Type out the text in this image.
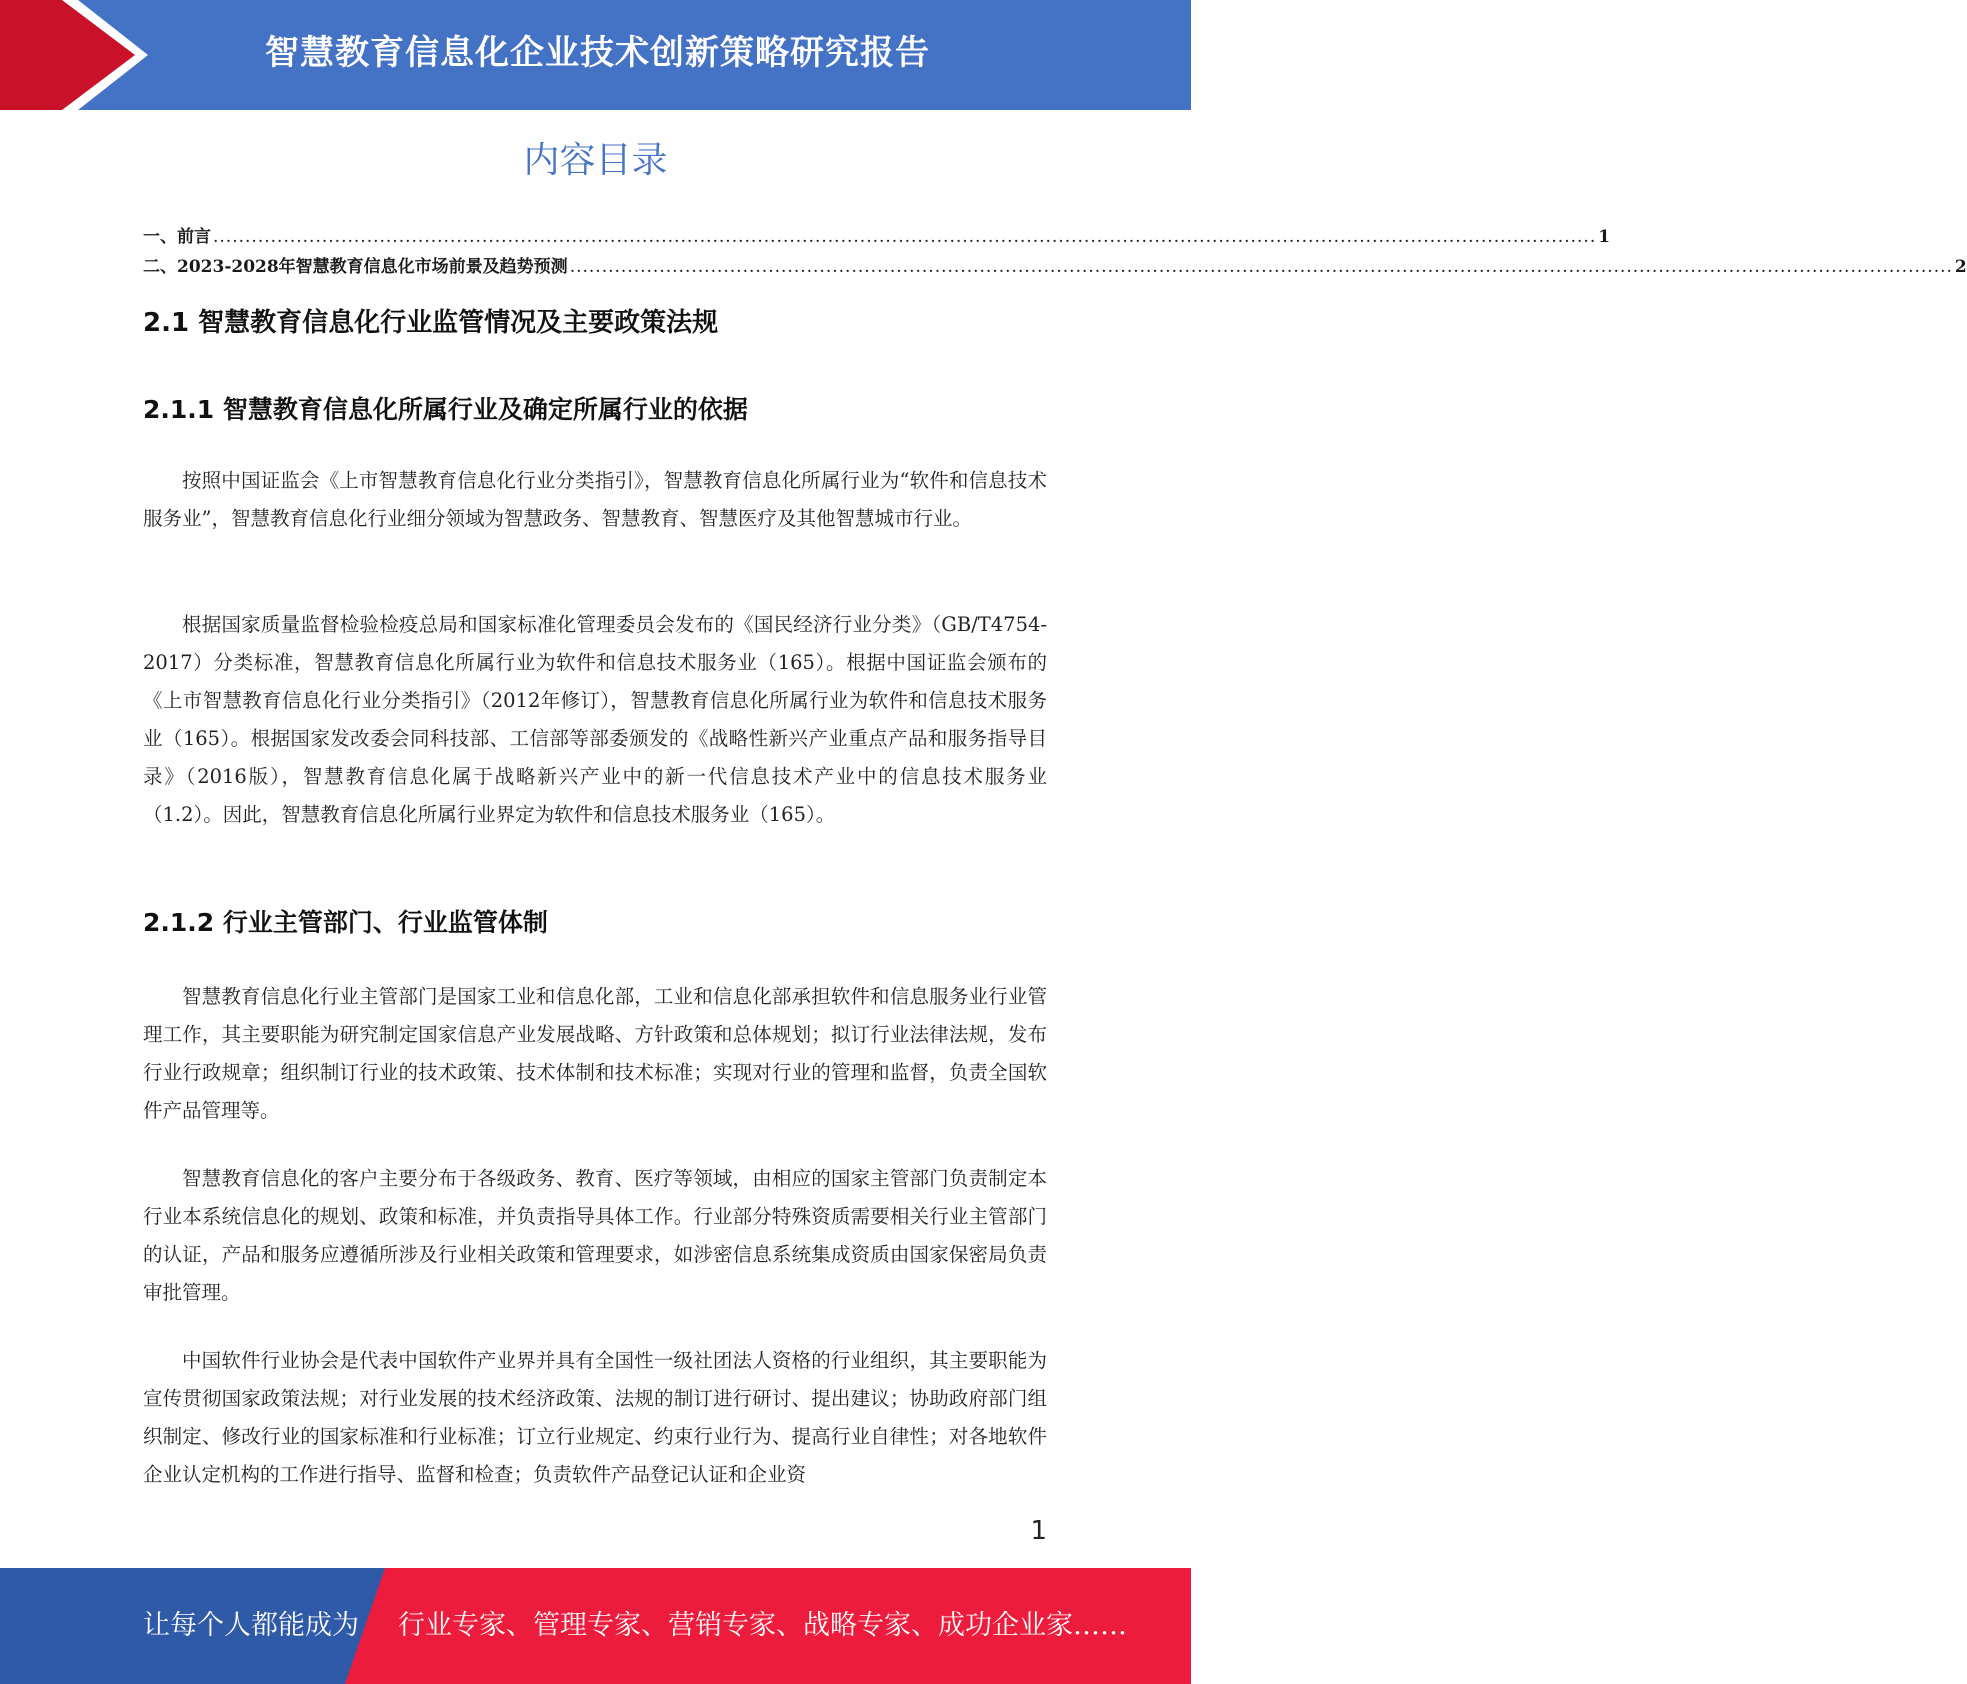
智慧教育信息化企业技术创新策略研究报告
内容目录
一、前言 ........................................................................................................................................................................................................................ 1
二、2023-2028年智慧教育信息化市场前景及趋势预测 ........................................................................................................................................................................................................................ 2
2.1 智慧教育信息化行业监管情况及主要政策法规
2.1.1 智慧教育信息化所属行业及确定所属行业的依据

按照中国证监会《上市智慧教育信息化行业分类指引》，智慧教育信息化所属行业为“软件和信息技术服务业”，智慧教育信息化行业细分领域为智慧政务、智慧教育、智慧医疗及其他智慧城市行业。

根据国家质量监督检验检疫总局和国家标准化管理委员会发布的《国民经济行业分类》（GB/T4754-2017）分类标准，智慧教育信息化所属行业为软件和信息技术服务业（165）。根据中国证监会颁布的《上市智慧教育信息化行业分类指引》（2012年修订），智慧教育信息化所属行业为软件和信息技术服务业（165）。根据国家发改委会同科技部、工信部等部委颁发的《战略性新兴产业重点产品和服务指导目录》（2016版），智慧教育信息化属于战略新兴产业中的新一代信息技术产业中的信息技术服务业（1.2）。因此，智慧教育信息化所属行业界定为软件和信息技术服务业（165）。

2.1.2 行业主管部门、行业监管体制

智慧教育信息化行业主管部门是国家工业和信息化部，工业和信息化部承担软件和信息服务业行业管理工作，其主要职能为研究制定国家信息产业发展战略、方针政策和总体规划；拟订行业法律法规，发布行业行政规章；组织制订行业的技术政策、技术体制和技术标准；实现对行业的管理和监督，负责全国软件产品管理等。

智慧教育信息化的客户主要分布于各级政务、教育、医疗等领域，由相应的国家主管部门负责制定本行业本系统信息化的规划、政策和标准，并负责指导具体工作。行业部分特殊资质需要相关行业主管部门的认证，产品和服务应遵循所涉及行业相关政策和管理要求，如涉密信息系统集成资质由国家保密局负责审批管理。

中国软件行业协会是代表中国软件产业界并具有全国性一级社团法人资格的行业组织，其主要职能为宣传贯彻国家政策法规；对行业发展的技术经济政策、法规的制订进行研讨、提出建议；协助政府部门组织制定、修改行业的国家标准和行业标准；订立行业规定、约束行业行为、提高行业自律性；对各地软件企业认定机构的工作进行指导、监督和检查；负责软件产品登记认证和企业资

1
让每个人都能成为 行业专家、管理专家、营销专家、战略专家、成功企业家……
